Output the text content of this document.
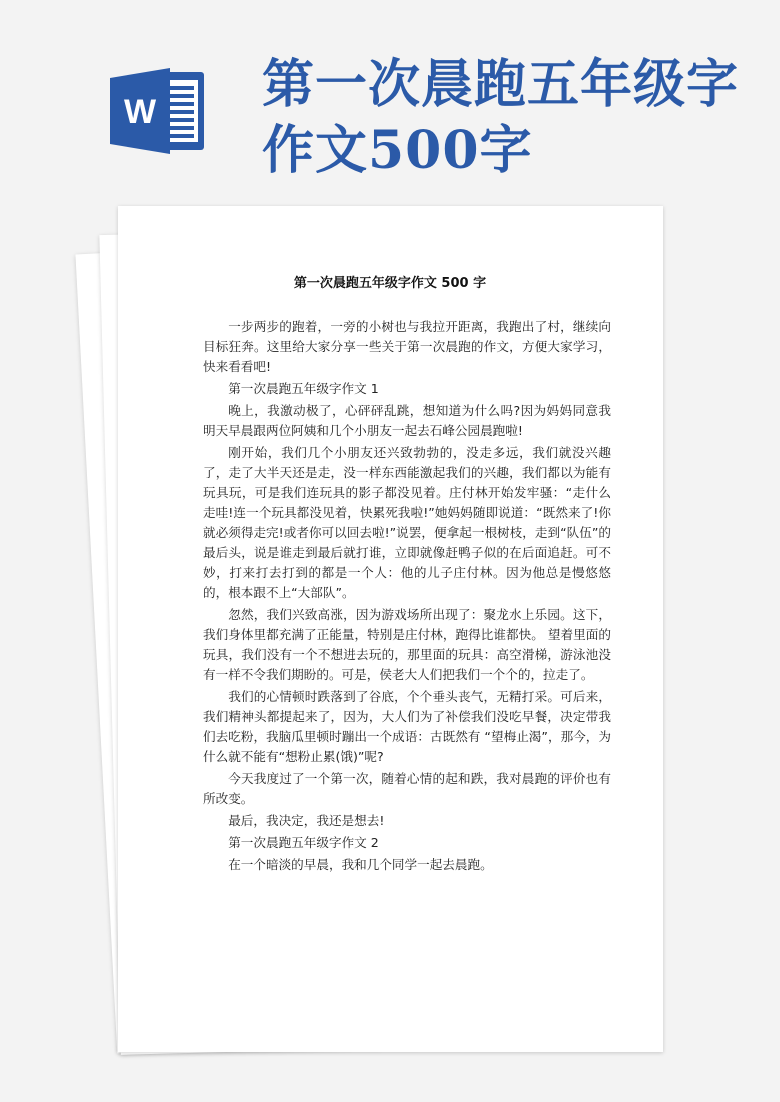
W 第一次晨跑五年级字作文500字
第一次晨跑五年级字作文 500 字

一步两步的跑着，一旁的小树也与我拉开距离，我跑出了村，继续向目标狂奔。这里给大家分享一些关于第一次晨跑的作文，方便大家学习，快来看看吧!

第一次晨跑五年级字作文 1

晚上，我激动极了，心砰砰乱跳，想知道为什么吗?因为妈妈同意我明天早晨跟两位阿姨和几个小朋友一起去石峰公园晨跑啦!

刚开始，我们几个小朋友还兴致勃勃的，没走多远，我们就没兴趣了，走了大半天还是走，没一样东西能激起我们的兴趣，我们都以为能有玩具玩，可是我们连玩具的影子都没见着。庄付林开始发牢骚：“走什么走哇!连一个玩具都没见着，快累死我啦!”她妈妈随即说道：“既然来了!你就必须得走完!或者你可以回去啦!”说罢，便拿起一根树枝，走到“队伍”的最后头，说是谁走到最后就打谁，立即就像赶鸭子似的在后面追赶。可不妙，打来打去打到的都是一个人：他的儿子庄付林。因为他总是慢悠悠的，根本跟不上“大部队”。

忽然，我们兴致高涨，因为游戏场所出现了：聚龙水上乐园。这下，我们身体里都充满了正能量，特别是庄付林，跑得比谁都快。 望着里面的玩具，我们没有一个不想进去玩的，那里面的玩具：高空滑梯，游泳池没有一样不令我们期盼的。可是，侯老大人们把我们一个个的，拉走了。

我们的心情顿时跌落到了谷底，个个垂头丧气，无精打采。可后来，我们精神头都提起来了，因为，大人们为了补偿我们没吃早餐，决定带我们去吃粉，我脑瓜里顿时蹦出一个成语：古既然有 “望梅止渴”，那今，为什么就不能有“想粉止累(饿)”呢?

今天我度过了一个第一次，随着心情的起和跌，我对晨跑的评价也有所改变。

最后，我决定，我还是想去!

第一次晨跑五年级字作文 2

在一个暗淡的早晨，我和几个同学一起去晨跑。
